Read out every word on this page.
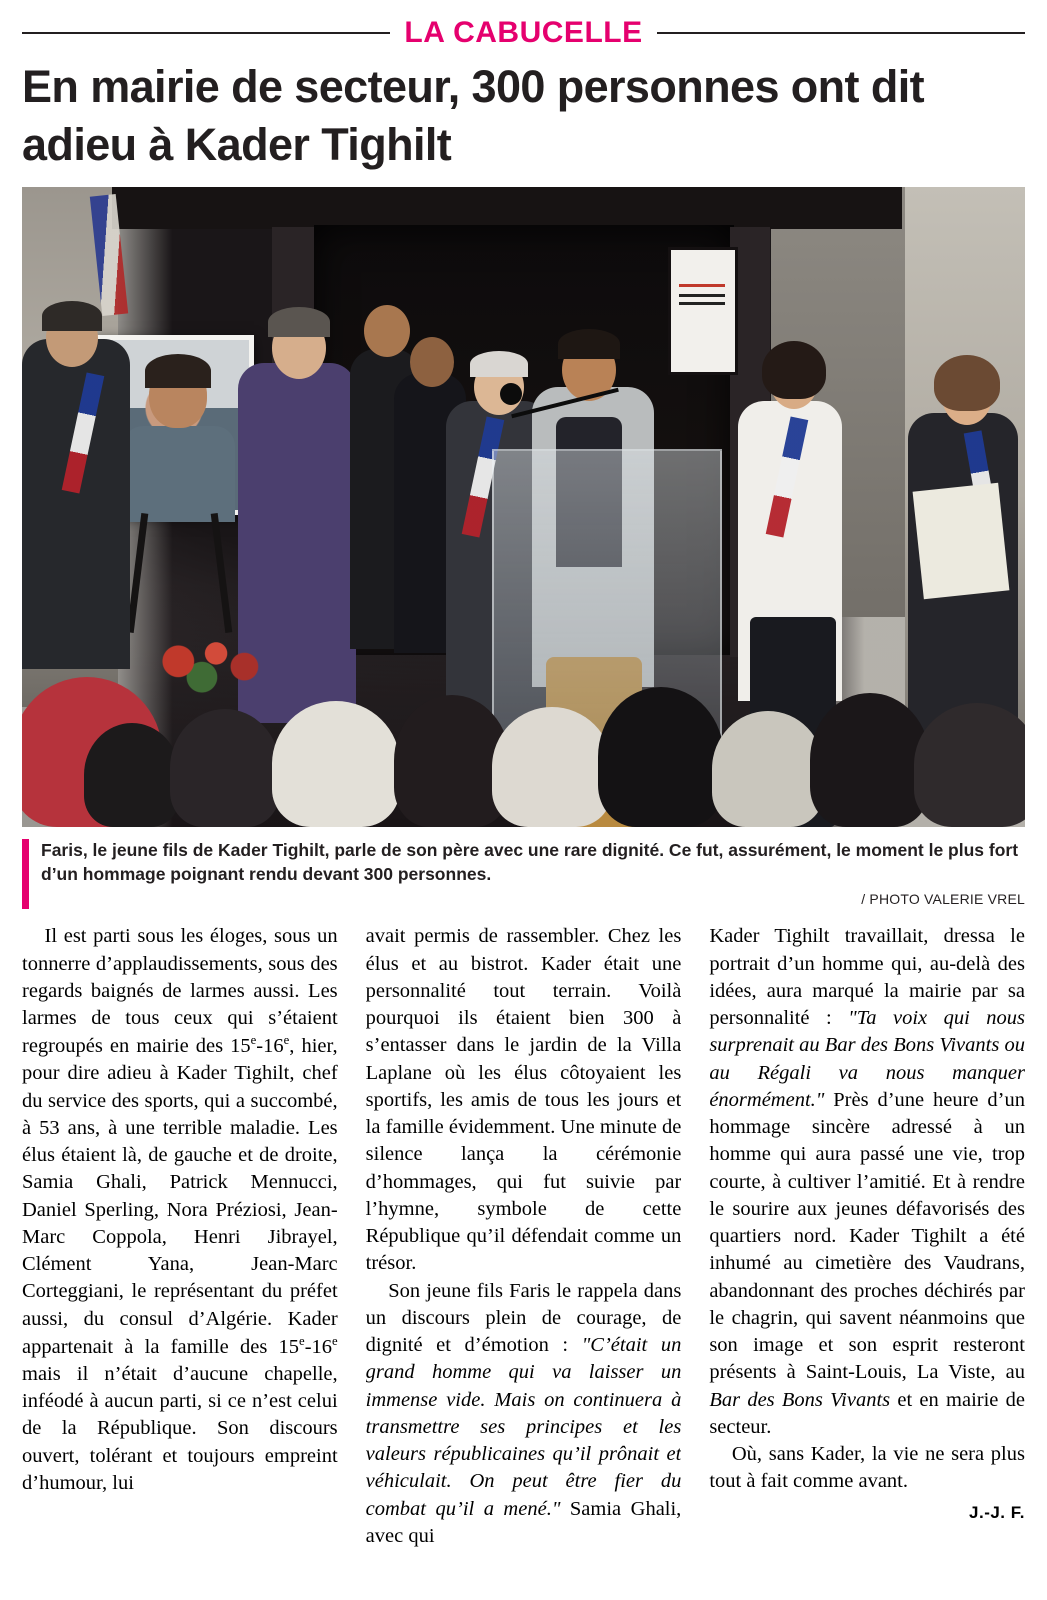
LA CABUCELLE
En mairie de secteur, 300 personnes ont dit adieu à Kader Tighilt
Faris, le jeune fils de Kader Tighilt, parle de son père avec une rare dignité. Ce fut, assurément, le moment le plus fort d’un hommage poignant rendu devant 300 personnes.
/ PHOTO VALERIE VREL

Il est parti sous les éloges, sous un tonnerre d’applaudissements, sous des regards baignés de larmes aussi. Les larmes de tous ceux qui s’étaient regroupés en mairie des 15e-16e, hier, pour dire adieu à Kader Tighilt, chef du service des sports, qui a succombé, à 53 ans, à une terrible maladie. Les élus étaient là, de gauche et de droite, Samia Ghali, Patrick Mennucci, Daniel Sperling, Nora Préziosi, Jean-Marc Coppola, Henri Jibrayel, Clément Yana, Jean-Marc Corteggiani, le représentant du préfet aussi, du consul d’Algérie. Kader appartenait à la famille des 15e-16e mais il n’était d’aucune chapelle, inféodé à aucun parti, si ce n’est celui de la République. Son discours ouvert, tolérant et toujours empreint d’humour, lui

avait permis de rassembler. Chez les élus et au bistrot. Kader était une personnalité tout terrain. Voilà pourquoi ils étaient bien 300 à s’entasser dans le jardin de la Villa Laplane où les élus côtoyaient les sportifs, les amis de tous les jours et la famille évidemment. Une minute de silence lança la cérémonie d’hommages, qui fut suivie par l’hymne, symbole de cette République qu’il défendait comme un trésor.

Son jeune fils Faris le rappela dans un discours plein de courage, de dignité et d’émotion : "C’était un grand homme qui va laisser un immense vide. Mais on continuera à transmettre ses principes et les valeurs républicaines qu’il prônait et véhiculait. On peut être fier du combat qu’il a mené." Samia Ghali, avec qui

Kader Tighilt travaillait, dressa le portrait d’un homme qui, au-delà des idées, aura marqué la mairie par sa personnalité : "Ta voix qui nous surprenait au Bar des Bons Vivants ou au Régali va nous manquer énormément." Près d’une heure d’un hommage sincère adressé à un homme qui aura passé une vie, trop courte, à cultiver l’amitié. Et à rendre le sourire aux jeunes défavorisés des quartiers nord. Kader Tighilt a été inhumé au cimetière des Vaudrans, abandonnant des proches déchirés par le chagrin, qui savent néanmoins que son image et son esprit resteront présents à Saint-Louis, La Viste, au Bar des Bons Vivants et en mairie de secteur.

Où, sans Kader, la vie ne sera plus tout à fait comme avant.

J.-J. F.
